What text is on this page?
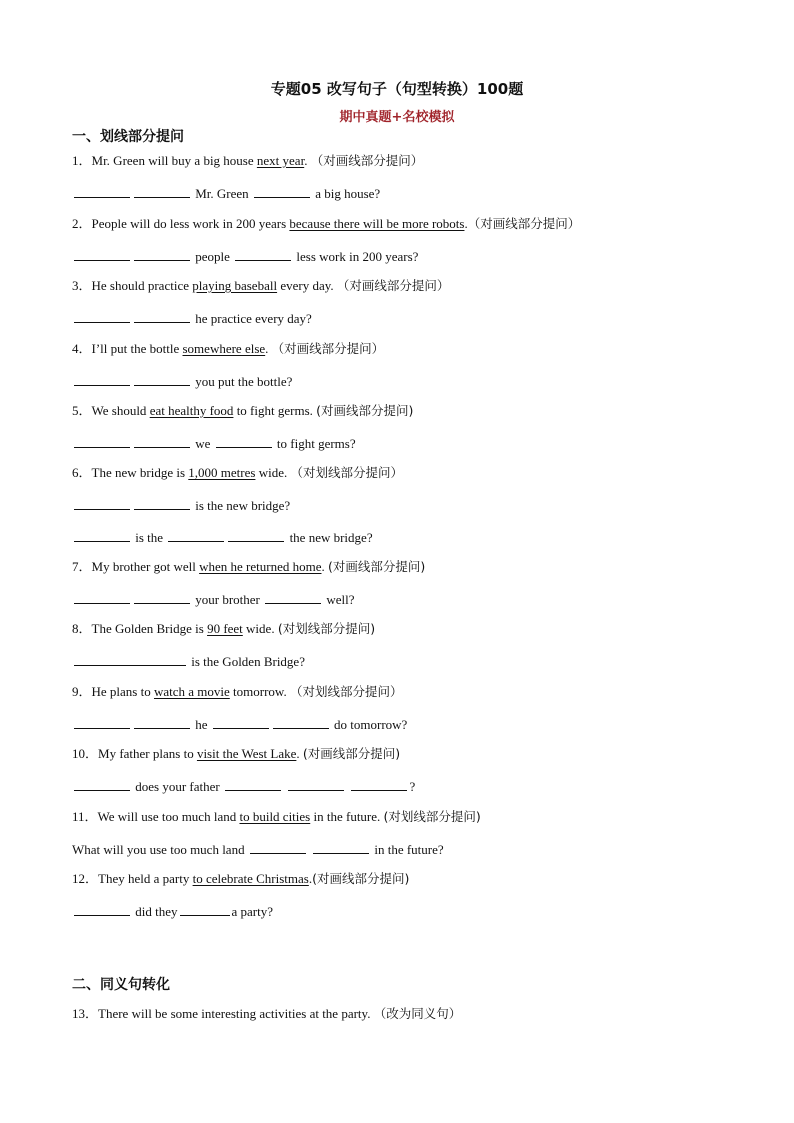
专题05 改写句子（句型转换）100题
期中真题+名校模拟
一、划线部分提问
1．Mr. Green will buy a big house next year. （对画线部分提问）
Mr. Green	a big house?
2．People will do less work in 200 years because there will be more robots.（对画线部分提问）
people	less work in 200 years?
3．He should practice playing baseball every day. （对画线部分提问）
he practice every day?
4．I’ll put the bottle somewhere else. （对画线部分提问）
you put the bottle?
5．We should eat healthy food to fight germs. (对画线部分提问)
we	to fight germs?
6．The new bridge is 1,000 metres wide. （对划线部分提问）
is the new bridge?
is the	the new bridge?
7．My brother got well when he returned home. (对画线部分提问)
your brother	well?
8．The Golden Bridge is 90 feet wide. (对划线部分提问)
is the Golden Bridge?
9．He plans to watch a movie tomorrow. （对划线部分提问）
he	do tomorrow?
10．My father plans to visit the West Lake. (对画线部分提问)
does your father	?
11．We will use too much land to build cities in the future. (对划线部分提问)
What will you use too much land	in the future?
12．They held a party to celebrate Christmas.(对画线部分提问)
did they	a party?
二、同义句转化
13．There will be some interesting activities at the party. （改为同义句）
